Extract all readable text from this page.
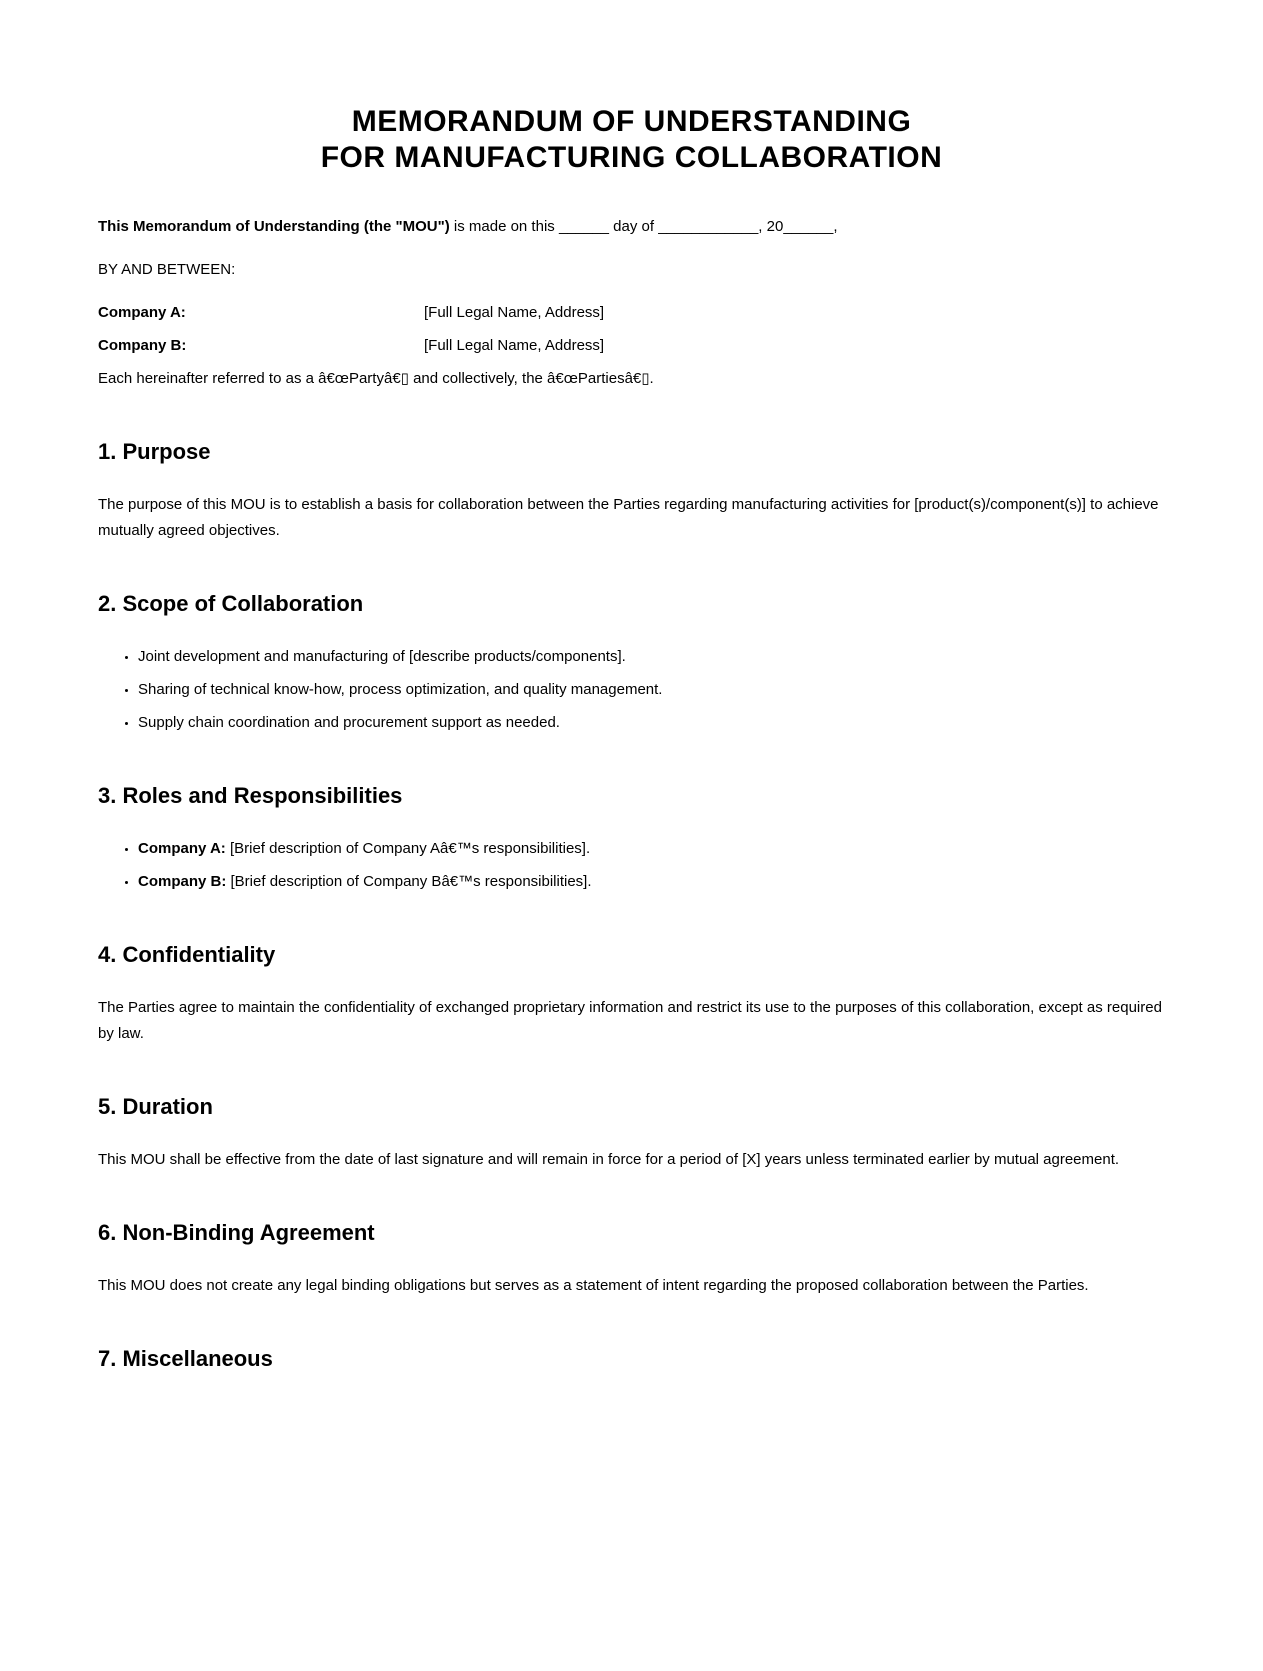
MEMORANDUM OF UNDERSTANDING
FOR MANUFACTURING COLLABORATION

This Memorandum of Understanding (the "MOU") is made on this ______ day of ____________, 20______,

BY AND BETWEEN:

Company A:	[Full Legal Name, Address]
Company B:	[Full Legal Name, Address]

Each hereinafter referred to as a â€œPartyâ€▯ and collectively, the â€œPartiesâ€▯.

1. Purpose

The purpose of this MOU is to establish a basis for collaboration between the Parties regarding manufacturing activities for [product(s)/component(s)] to achieve mutually agreed objectives.

2. Scope of Collaboration
• Joint development and manufacturing of [describe products/components].
• Sharing of technical know-how, process optimization, and quality management.
• Supply chain coordination and procurement support as needed.
3. Roles and Responsibilities
• Company A: [Brief description of Company Aâ€™s responsibilities].
• Company B: [Brief description of Company Bâ€™s responsibilities].
4. Confidentiality

The Parties agree to maintain the confidentiality of exchanged proprietary information and restrict its use to the purposes of this collaboration, except as required by law.

5. Duration

This MOU shall be effective from the date of last signature and will remain in force for a period of [X] years unless terminated earlier by mutual agreement.

6. Non-Binding Agreement

This MOU does not create any legal binding obligations but serves as a statement of intent regarding the proposed collaboration between the Parties.

7. Miscellaneous
